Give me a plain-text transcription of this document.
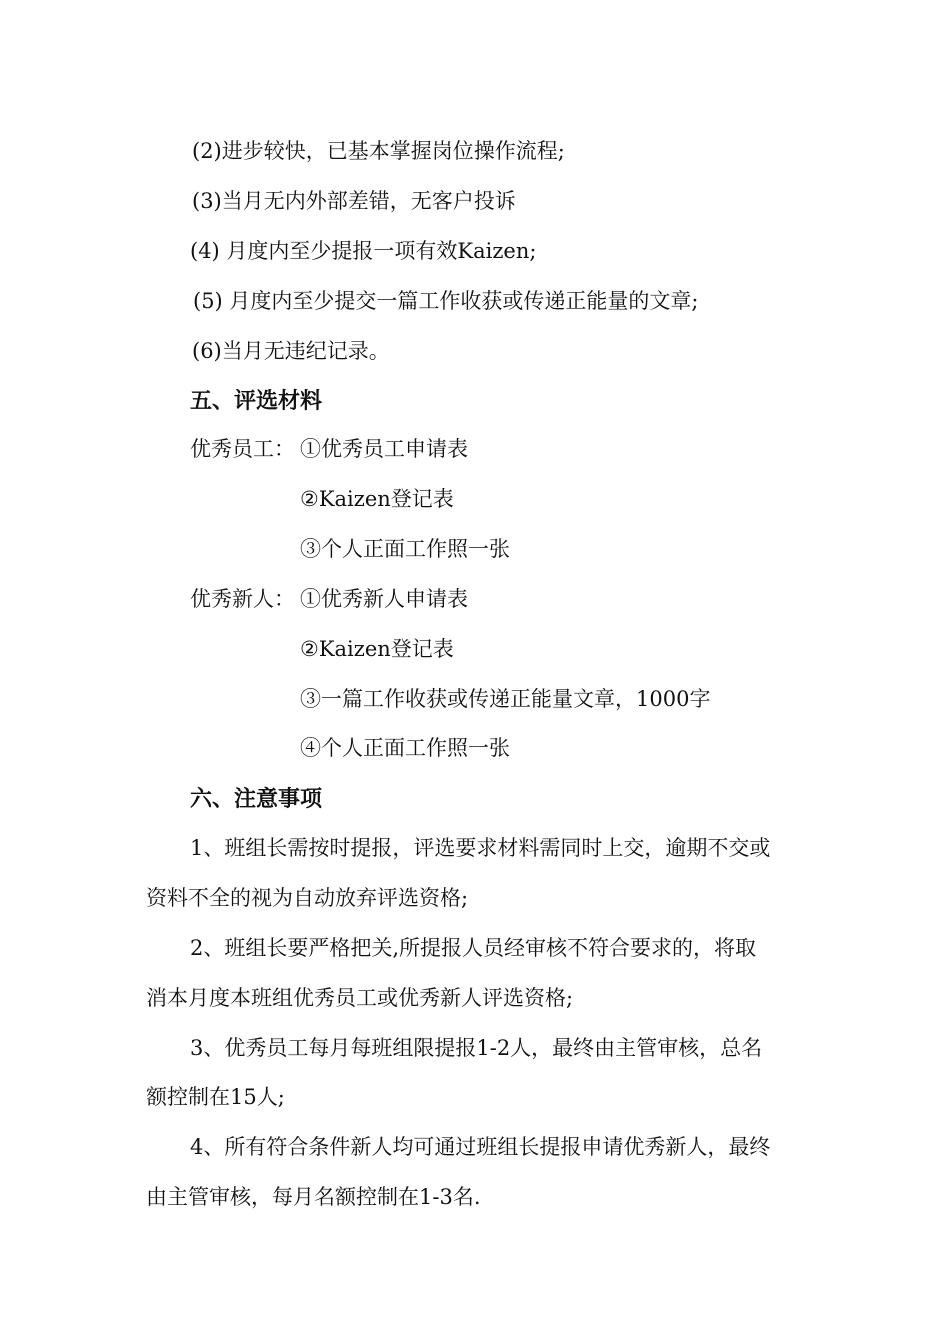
(2)进步较快，已基本掌握岗位操作流程;
(3)当月无内外部差错，无客户投诉
(4) 月度内至少提报一项有效Kaizen;
(5) 月度内至少提交一篇工作收获或传递正能量的文章;
(6)当月无违纪记录。
五、评选材料
优秀员工： ①优秀员工申请表
②Kaizen登记表
③个人正面工作照一张
优秀新人： ①优秀新人申请表
②Kaizen登记表
③一篇工作收获或传递正能量文章，1000字
④个人正面工作照一张
六、注意事项
1、班组长需按时提报，评选要求材料需同时上交，逾期不交或
资料不全的视为自动放弃评选资格;
2、班组长要严格把关,所提报人员经审核不符合要求的，将取
消本月度本班组优秀员工或优秀新人评选资格;
3、优秀员工每月每班组限提报1-2人，最终由主管审核，总名
额控制在15人;
4、所有符合条件新人均可通过班组长提报申请优秀新人，最终
由主管审核，每月名额控制在1-3名.
